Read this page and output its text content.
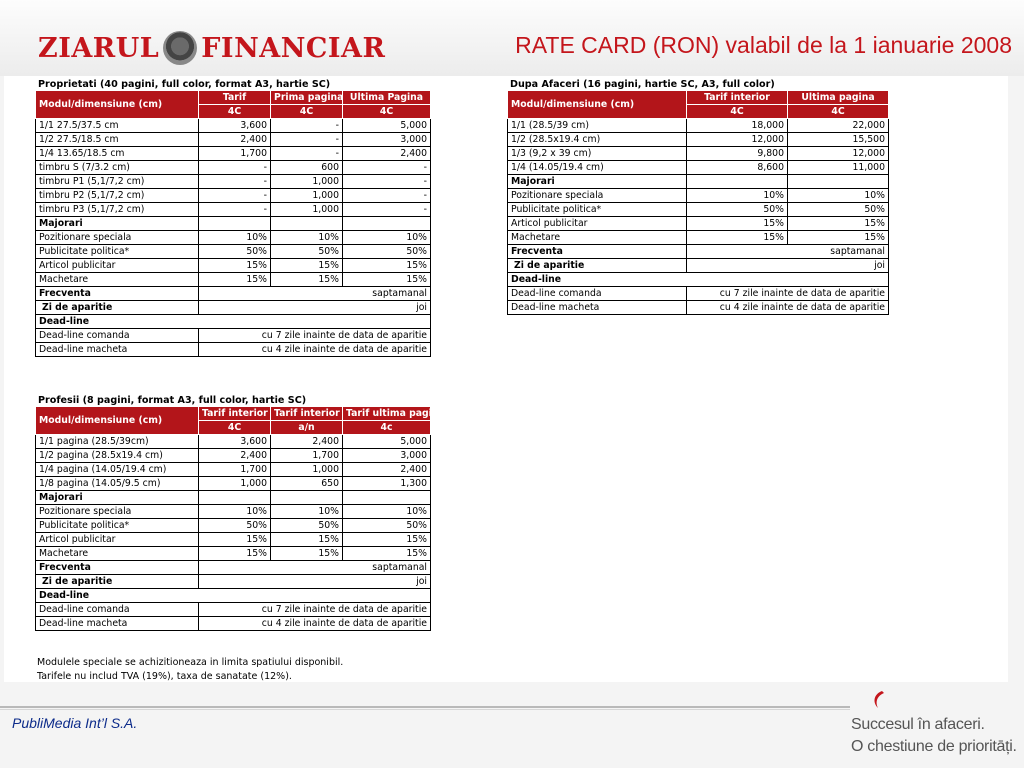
ZIARUL FINANCIAR	RATE CARD (RON) valabil de la 1 ianuarie 2008
Proprietati (40 pagini, full color, format A3, hartie SC)
Modul/dimensiune (cm)	Tarif	Prima pagina	Ultima Pagina
	4C	4C	4C
1/1 27.5/37.5 cm	3,600	-	5,000
1/2 27.5/18.5 cm	2,400	-	3,000
1/4 13.65/18.5 cm	1,700	-	2,400
timbru S (7/3.2 cm)	-	600	-
timbru P1 (5,1/7,2 cm)	-	1,000	-
timbru P2 (5,1/7,2 cm)	-	1,000	-
timbru P3 (5,1/7,2 cm)	-	1,000	-
Majorari			
Pozitionare speciala	10%	10%	10%
Publicitate politica*	50%	50%	50%
Articol publicitar	15%	15%	15%
Machetare	15%	15%	15%
Frecventa	saptamanal		
Zi de aparitie	joi		
Dead-line			
Dead-line comanda	cu 7 zile inainte de data de aparitie		
Dead-line macheta	cu 4 zile inainte de data de aparitie		
Dupa Afaceri (16 pagini, hartie SC, A3, full color)
Modul/dimensiune (cm)	Tarif interior	Ultima pagina
	4C	4C
1/1 (28.5/39 cm)	18,000	22,000
1/2 (28.5x19.4 cm)	12,000	15,500
1/3 (9,2 x 39 cm)	9,800	12,000
1/4 (14.05/19.4 cm)	8,600	11,000
Majorari		
Pozitionare speciala	10%	10%
Publicitate politica*	50%	50%
Articol publicitar	15%	15%
Machetare	15%	15%
Frecventa	saptamanal	
Zi de aparitie	joi	
Dead-line		
Dead-line comanda	cu 7 zile inainte de data de aparitie	
Dead-line macheta	cu 4 zile inainte de data de aparitie	
Profesii (8 pagini, format A3, full color, hartie SC)
Modul/dimensiune (cm)	Tarif interior	Tarif interior	Tarif ultima pagina
	4C	a/n	4c
1/1 pagina (28.5/39cm)	3,600	2,400	5,000
1/2 pagina (28.5x19.4 cm)	2,400	1,700	3,000
1/4 pagina (14.05/19.4 cm)	1,700	1,000	2,400
1/8 pagina (14.05/9.5 cm)	1,000	650	1,300
Majorari			
Pozitionare speciala	10%	10%	10%
Publicitate politica*	50%	50%	50%
Articol publicitar	15%	15%	15%
Machetare	15%	15%	15%
Frecventa	saptamanal		
Zi de aparitie	joi		
Dead-line			
Dead-line comanda	cu 7 zile inainte de data de aparitie		
Dead-line macheta	cu 4 zile inainte de data de aparitie		
Modulele speciale se achizitioneaza in limita spatiului disponibil.
Tarifele nu includ TVA (19%), taxa de sanatate (12%).
PubliMedia Int’l S.A.	Succesul în afaceri.
O chestiune de prioritāți.
